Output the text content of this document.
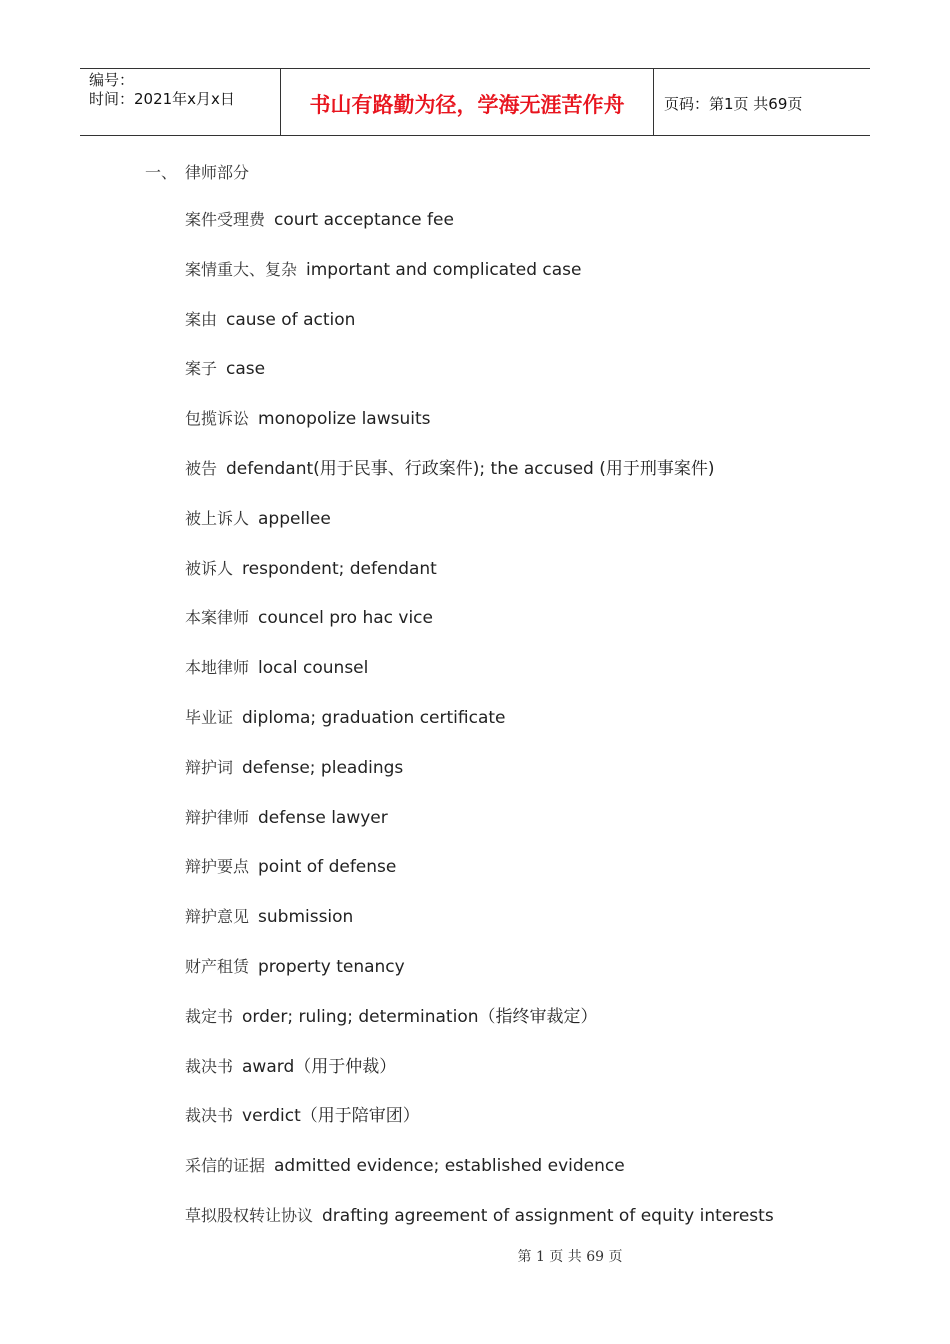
编号：
时间：2021年x月x日	书山有路勤为径，学海无涯苦作舟	页码：第1页 共69页
一、 律师部分
案件受理费 court acceptance fee
案情重大、复杂 important and complicated case
案由 cause of action
案子 case
包揽诉讼 monopolize lawsuits
被告 defendant(用于民事、行政案件); the accused (用于刑事案件)
被上诉人 appellee
被诉人 respondent; defendant
本案律师 councel pro hac vice
本地律师 local counsel
毕业证 diploma; graduation certificate
辩护词 defense; pleadings
辩护律师 defense lawyer
辩护要点 point of defense
辩护意见 submission
财产租赁 property tenancy
裁定书 order; ruling; determination（指终审裁定）
裁决书 award（用于仲裁）
裁决书 verdict（用于陪审团）
采信的证据 admitted evidence; established evidence
草拟股权转让协议 drafting agreement of assignment of equity interests
第 1 页 共 69 页
